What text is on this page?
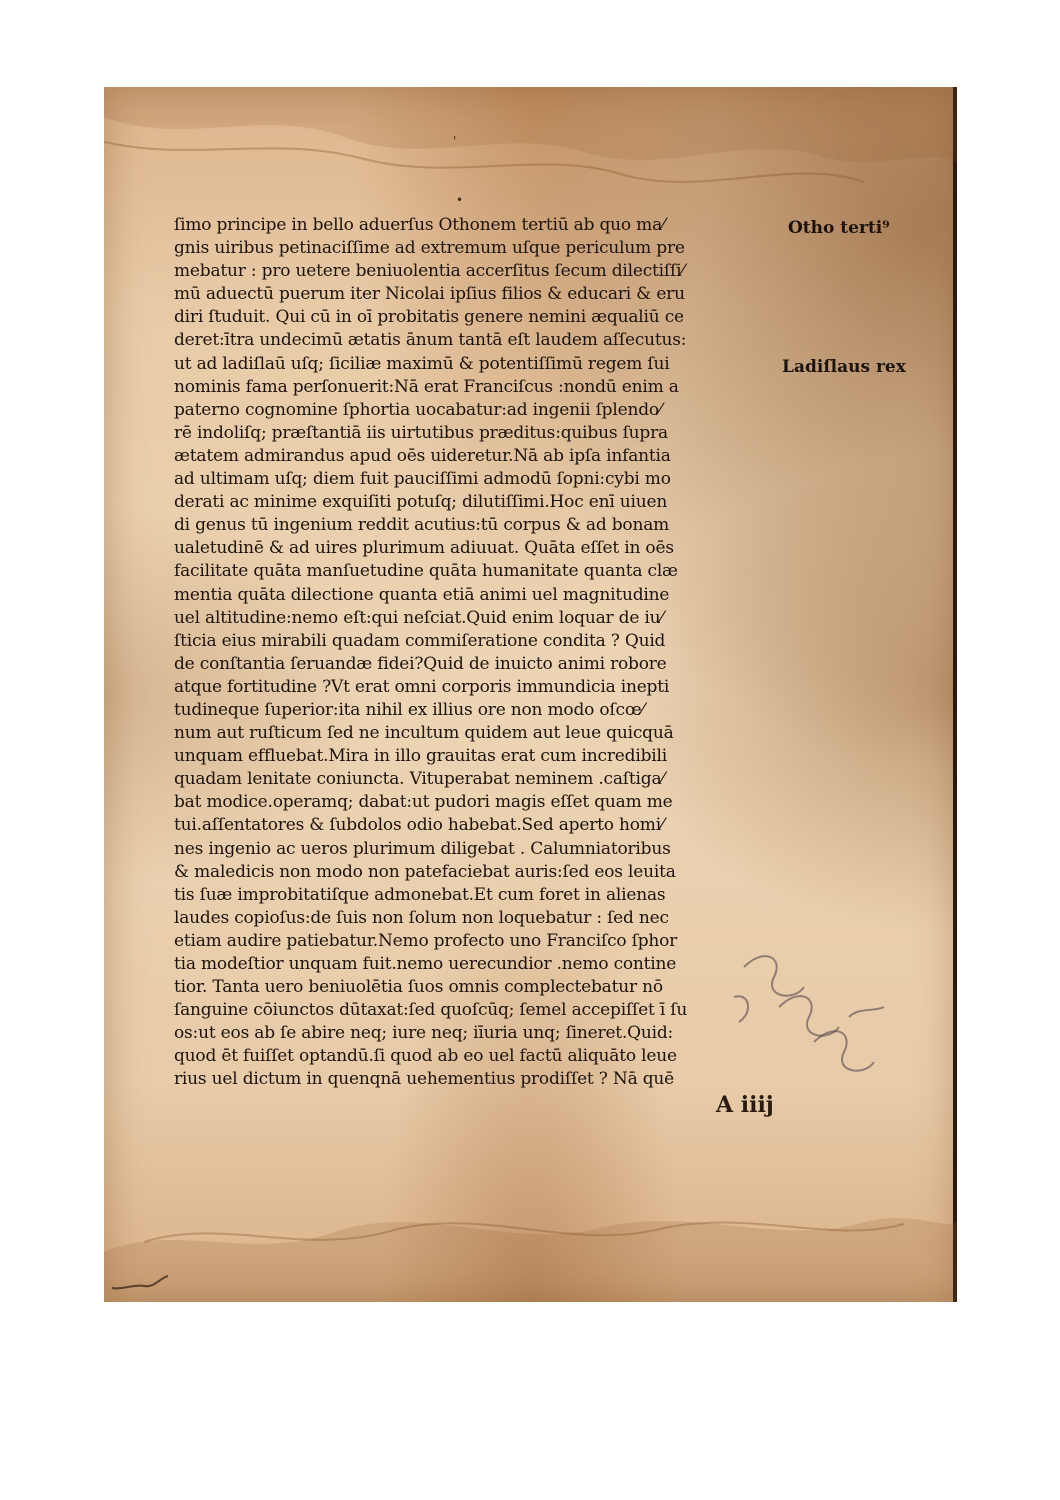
'
•
ſimo principe in bello aduerſus Othonem tertiū ab quo ma⁄
gnis uiribus petinaciſſime ad extremum uſque periculum pre
mebatur : pro uetere beniuolentia accerſitus ſecum dilectiſſi⁄
mū aduectū puerum iter Nicolai ipſius filios & educari & eru
diri ſtuduit. Qui cū in oī probitatis genere nemini æqualiū ce
deret:ītra undecimū ætatis ānum tantā eſt laudem aſſecutus:
ut ad ladiſlaū uſq; ſiciliæ maximū & potentiſſimū regem ſui
nominis fama perſonuerit:Nā erat Franciſcus :nondū enim a
paterno cognomine ſphortia uocabatur:ad ingenii ſplendo⁄
rē indoliſq; præſtantiā iis uirtutibus præditus:quibus ſupra
ætatem admirandus apud oēs uideretur.Nā ab ipſa infantia
ad ultimam uſq; diem fuit pauciſſimi admodū ſopni:cybi mo
derati ac minime exquiſiti potuſq; dilutiſſimi.Hoc enī uiuen
di genus tū ingenium reddit acutius:tū corpus & ad bonam
ualetudinē & ad uires plurimum adiuuat. Quāta eſſet in oēs
facilitate quāta manſuetudine quāta humanitate quanta clæ
mentia quāta dilectione quanta etiā animi uel magnitudine
uel altitudine:nemo eſt:qui neſciat.Quid enim loquar de iu⁄
ſticia eius mirabili quadam commiſeratione condita ? Quid
de conſtantia ſeruandæ fidei?Quid de inuicto animi robore
atque fortitudine ?Vt erat omni corporis immundicia inepti
tudineque ſuperior:ita nihil ex illius ore non modo oſcœ⁄
num aut ruſticum ſed ne incultum quidem aut leue quicquā
unquam effluebat.Mira in illo grauitas erat cum incredibili
quadam lenitate coniuncta. Vituperabat neminem .caſtiga⁄
bat modice.operamq; dabat:ut pudori magis eſſet quam me
tui.aſſentatores & ſubdolos odio habebat.Sed aperto homi⁄
nes ingenio ac ueros plurimum diligebat . Calumniatoribus
& maledicis non modo non patefaciebat auris:ſed eos leuita
tis ſuæ improbitatiſque admonebat.Et cum foret in alienas
laudes copioſus:de ſuis non ſolum non loquebatur : ſed nec
etiam audire patiebatur.Nemo profecto uno Franciſco ſphor
tia modeſtior unquam fuit.nemo uerecundior .nemo contine
tior. Tanta uero beniuolētia ſuos omnis complectebatur nō
ſanguine cōiunctos dūtaxat:ſed quoſcūq; ſemel accepiſſet ī ſu
os:ut eos ab ſe abire neq; iure neq; iīuria unq; ſineret.Quid:
quod ēt fuiſſet optandū.ſi quod ab eo uel factū aliquāto leue
rius uel dictum in quenqnā uehementius prodiſſet ? Nā quē
A iiij
Otho terti⁹
Ladiſlaus rex
